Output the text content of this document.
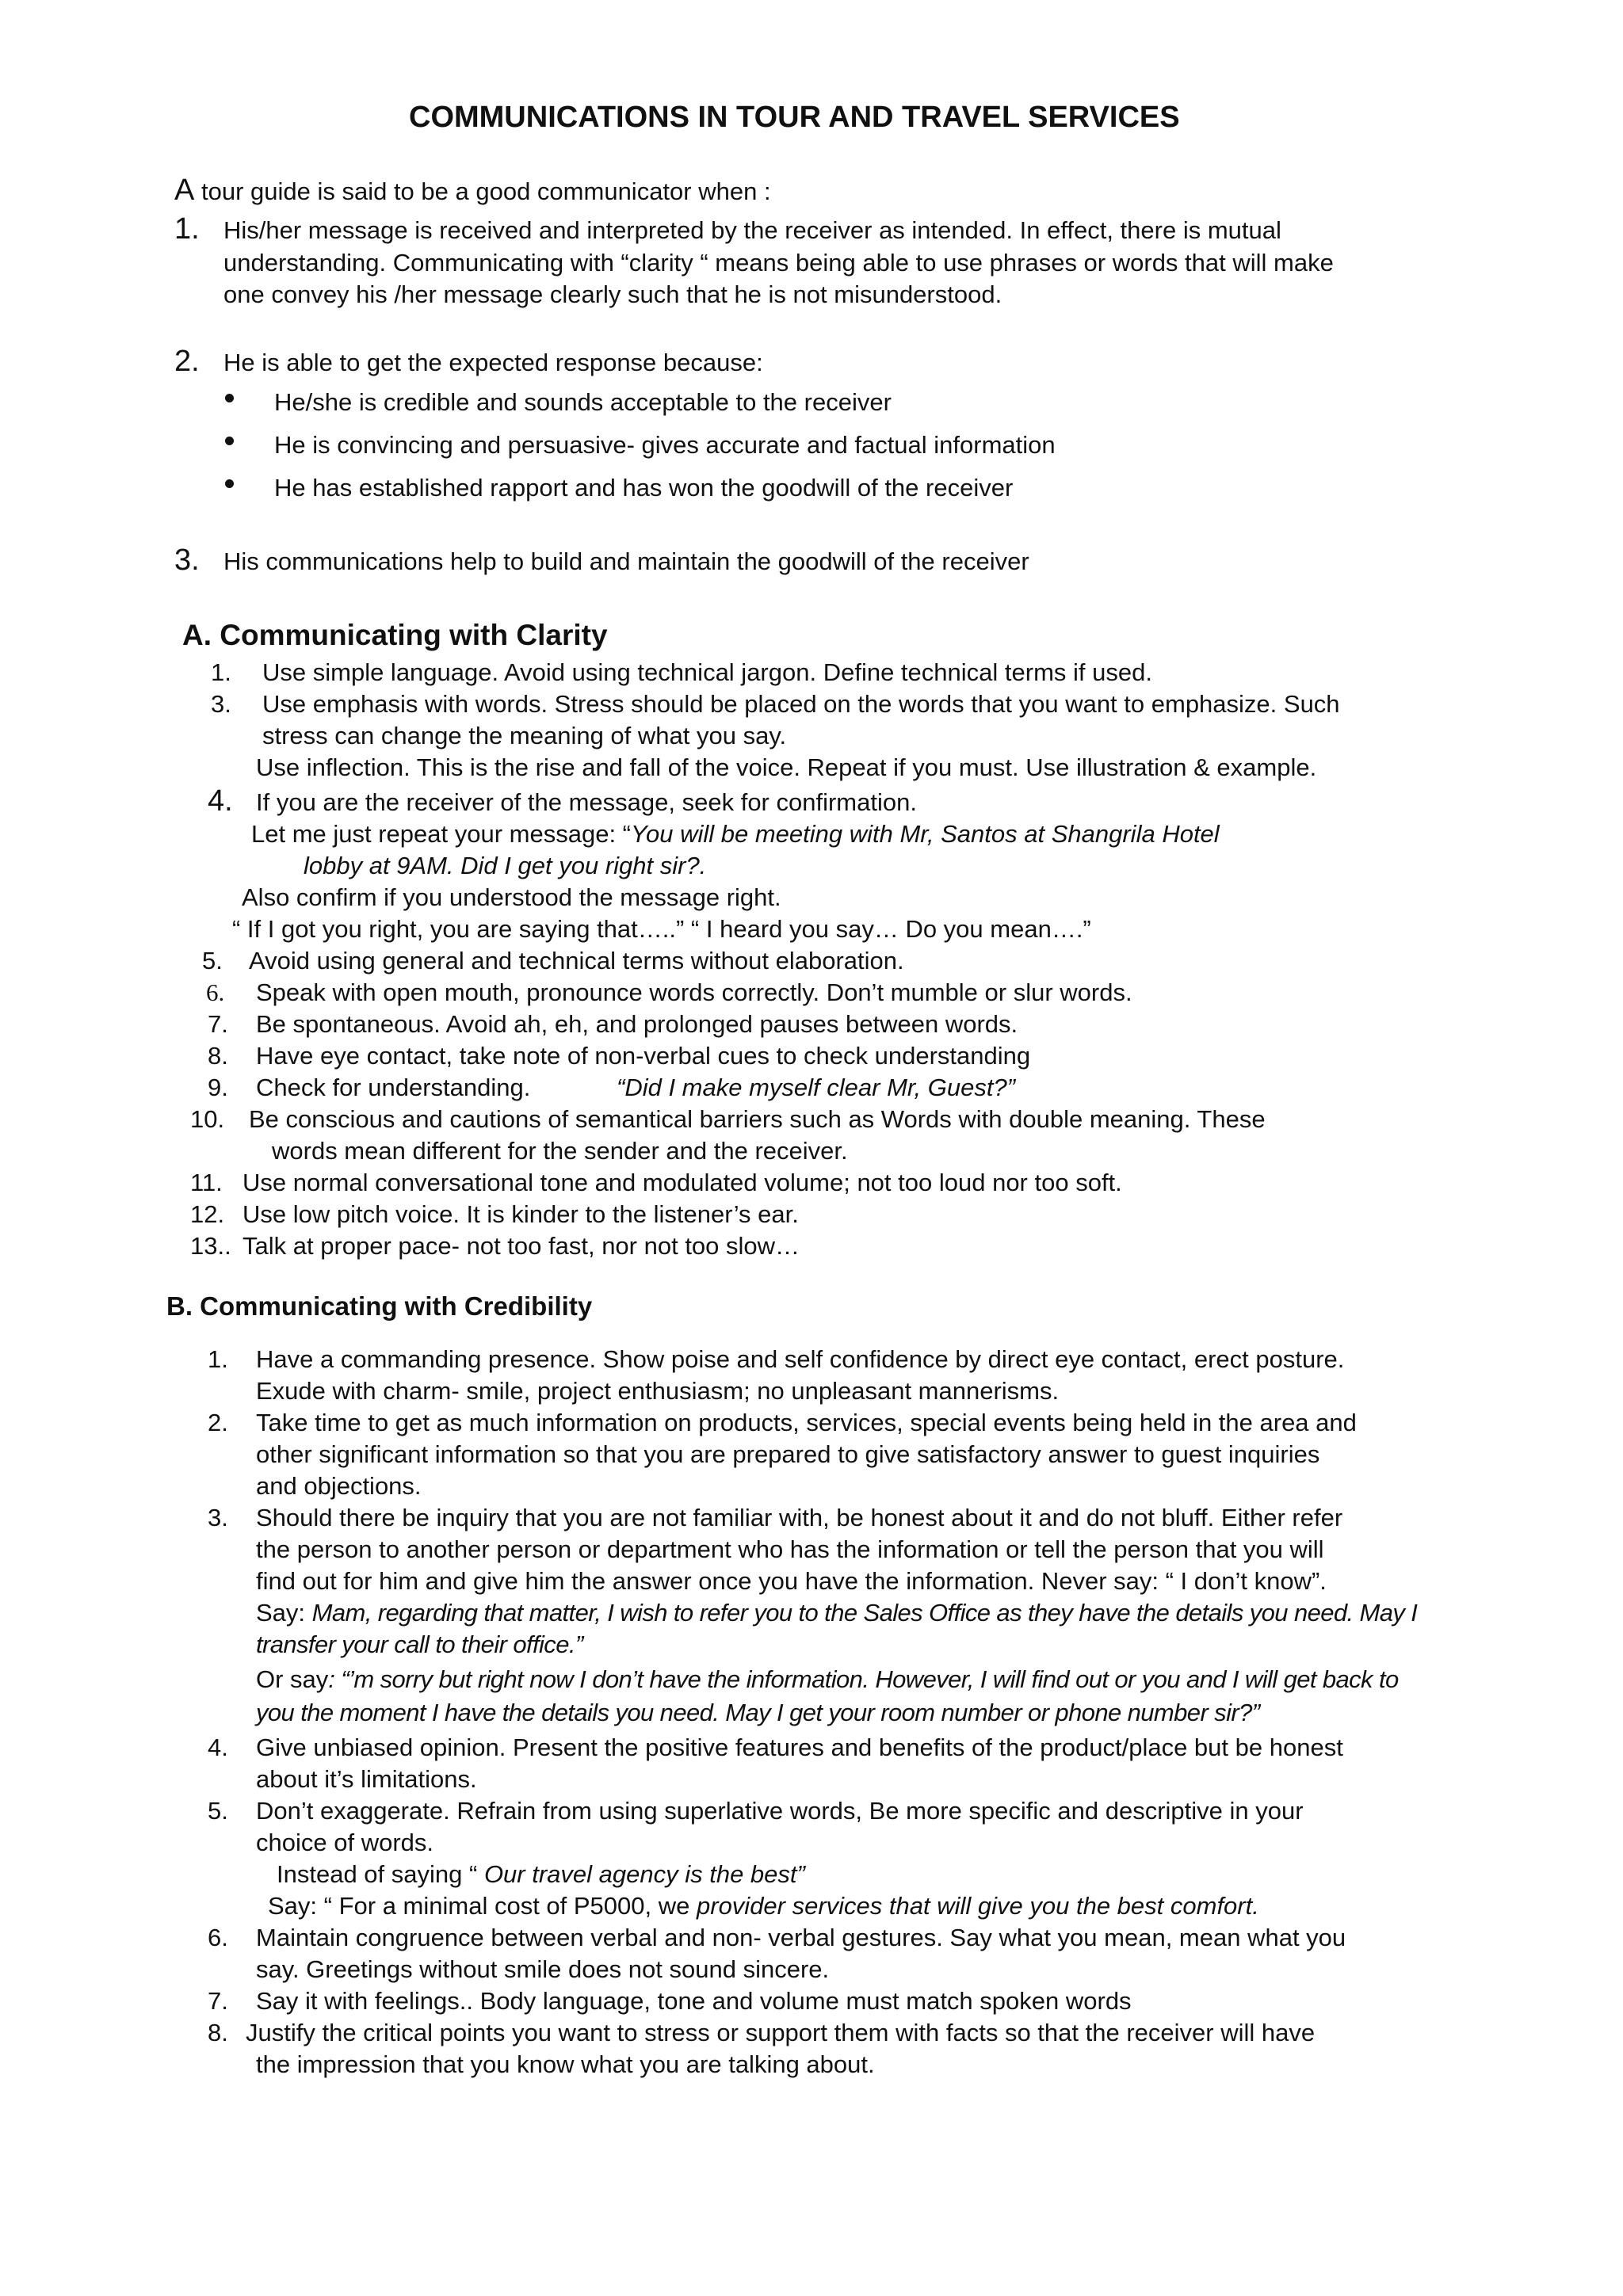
COMMUNICATIONS IN TOUR AND TRAVEL SERVICES
A tour guide is said to be a good communicator when :
1. His/her message is received and interpreted by the receiver as intended. In effect, there is mutual
understanding. Communicating with “clarity “ means being able to use phrases or words that will make
one convey his /her message clearly such that he is not misunderstood.
2. He is able to get the expected response because:
He/she is credible and sounds acceptable to the receiver
He is convincing and persuasive- gives accurate and factual information
He has established rapport and has won the goodwill of the receiver
3. His communications help to build and maintain the goodwill of the receiver
A. Communicating with Clarity
1. Use simple language. Avoid using technical jargon. Define technical terms if used.
3. Use emphasis with words. Stress should be placed on the words that you want to emphasize. Such
stress can change the meaning of what you say.
Use inflection. This is the rise and fall of the voice. Repeat if you must. Use illustration & example.
4. If you are the receiver of the message, seek for confirmation.
Let me just repeat your message: “You will be meeting with Mr, Santos at Shangrila Hotel
lobby at 9AM. Did I get you right sir?.
Also confirm if you understood the message right.
“ If I got you right, you are saying that…..” “ I heard you say… Do you mean….”
5. Avoid using general and technical terms without elaboration.
6. Speak with open mouth, pronounce words correctly. Don’t mumble or slur words.
7. Be spontaneous. Avoid ah, eh, and prolonged pauses between words.
8. Have eye contact, take note of non-verbal cues to check understanding
9. Check for understanding.	“Did I make myself clear Mr, Guest?”
10. Be conscious and cautions of semantical barriers such as Words with double meaning. These
words mean different for the sender and the receiver.
11. Use normal conversational tone and modulated volume; not too loud nor too soft.
12. Use low pitch voice. It is kinder to the listener’s ear.
13.. Talk at proper pace- not too fast, nor not too slow…
B. Communicating with Credibility
1. Have a commanding presence. Show poise and self confidence by direct eye contact, erect posture.
Exude with charm- smile, project enthusiasm; no unpleasant mannerisms.
2. Take time to get as much information on products, services, special events being held in the area and
other significant information so that you are prepared to give satisfactory answer to guest inquiries
and objections.
3. Should there be inquiry that you are not familiar with, be honest about it and do not bluff. Either refer
the person to another person or department who has the information or tell the person that you will
find out for him and give him the answer once you have the information. Never say: “ I don’t know”.
Say: Mam, regarding that matter, I wish to refer you to the Sales Office as they have the details you need. May I
transfer your call to their office.”
Or say: “’m sorry but right now I don’t have the information. However, I will find out or you and I will get back to
you the moment I have the details you need. May I get your room number or phone number sir?”
4. Give unbiased opinion. Present the positive features and benefits of the product/place but be honest
about it’s limitations.
5. Don’t exaggerate. Refrain from using superlative words, Be more specific and descriptive in your
choice of words.
Instead of saying “ Our travel agency is the best”
Say: “ For a minimal cost of P5000, we provider services that will give you the best comfort.
6. Maintain congruence between verbal and non- verbal gestures. Say what you mean, mean what you
say. Greetings without smile does not sound sincere.
7. Say it with feelings.. Body language, tone and volume must match spoken words
8. Justify the critical points you want to stress or support them with facts so that the receiver will have
the impression that you know what you are talking about.
